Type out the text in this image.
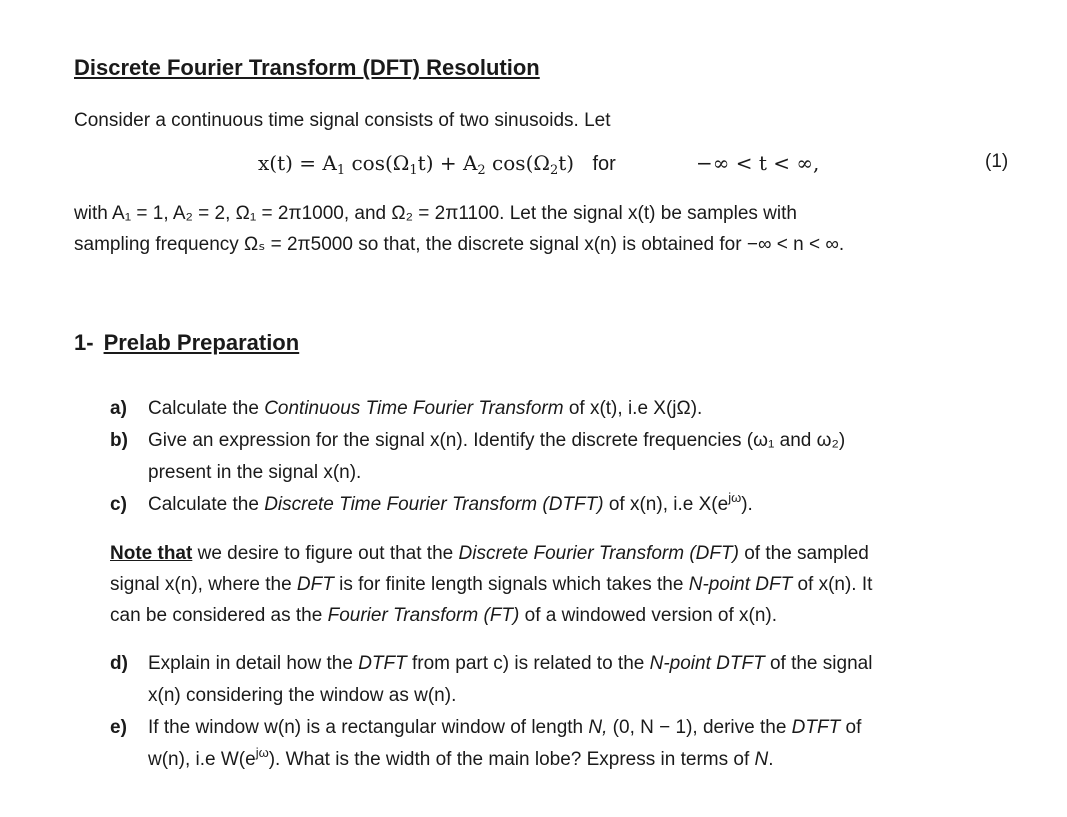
Discrete Fourier Transform (DFT) Resolution
Consider a continuous time signal consists of two sinusoids. Let
$x(t) = A_1$ $\cos(\Omega_1t) + A_2$ $\cos(\Omega_2t)$ for	−∞ < t < ∞,	(1)
with A₁ = 1, A₂ = 2, Ω₁ = 2π1000, and Ω₂ = 2π1100. Let the signal x(t) be samples with
sampling frequency Ωₛ = 2π5000 so that, the discrete signal x(n) is obtained for −∞ < n < ∞.
1- Prelab Preparation
a) Calculate the Continuous Time Fourier Transform of x(t), i.e X(jΩ).
b) Give an expression for the signal x(n). Identify the discrete frequencies (ω₁ and ω₂)
present in the signal x(n).
c) Calculate the Discrete Time Fourier Transform (DTFT) of x(n), i.e $X(e^{j\omega})$.
Note that we desire to figure out that the Discrete Fourier Transform (DFT) of the sampled
signal x(n), where the DFT is for finite length signals which takes the N-point DFT of x(n). It
can be considered as the Fourier Transform (FT) of a windowed version of x(n).
d) Explain in detail how the DTFT from part c) is related to the N-point DTFT of the signal
x(n) considering the window as w(n).
e) If the window w(n) is a rectangular window of length N, (0, N − 1), derive the DTFT of
w(n), i.e $W(e^{j\omega})$. What is the width of the main lobe? Express in terms of N.
